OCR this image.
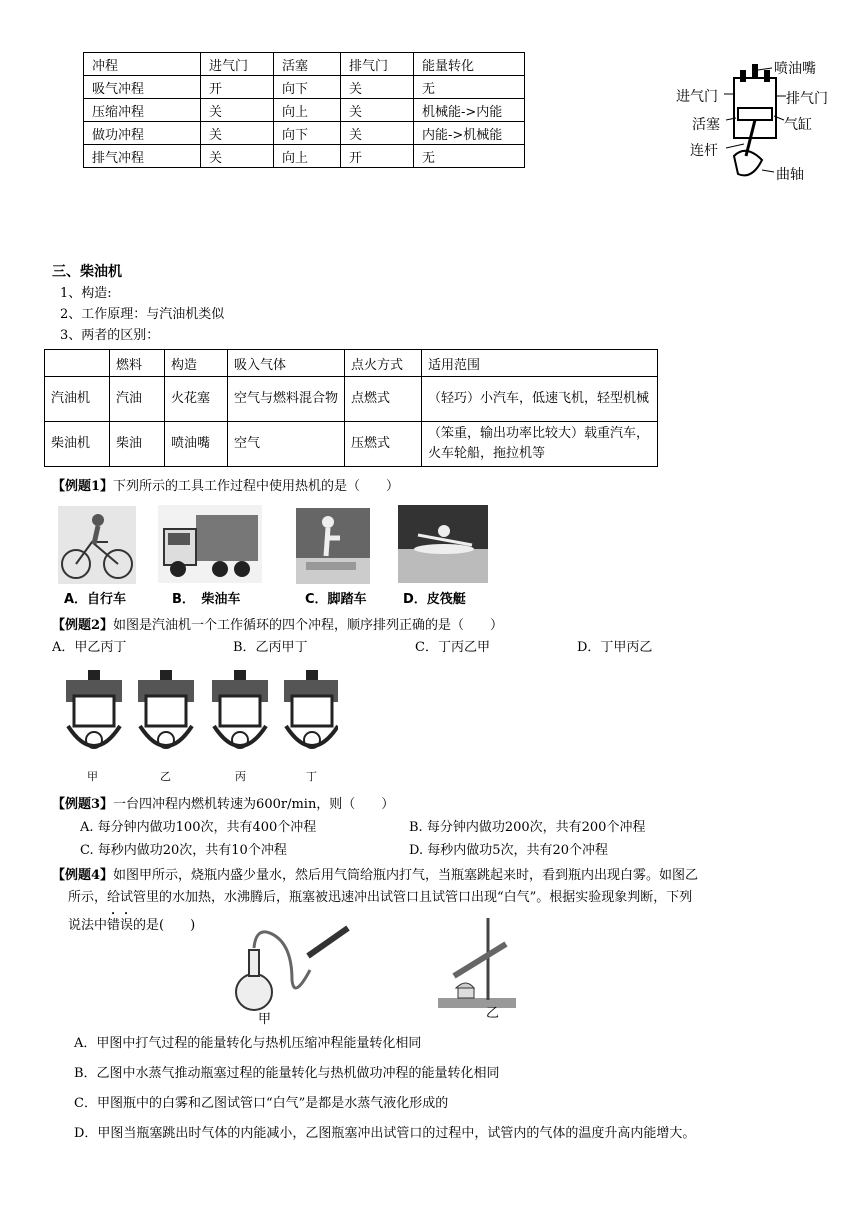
冲程	进气门	活塞	排气门	能量转化
吸气冲程	开	向下	关	无
压缩冲程	关	向上	关	机械能->内能
做功冲程	关	向下	关	内能->机械能
排气冲程	关	向上	开	无
喷油嘴
进气门	排气门
活塞	气缸
连杆
曲轴
三、柴油机
1、构造:
2、工作原理：与汽油机类似
3、两者的区别：
	燃料	构造	吸入气体	点火方式	适用范围
汽油机	汽油	火花塞	空气与燃料混合物	点燃式	（轻巧）小汽车，低速飞机，轻型机械
柴油机	柴油	喷油嘴	空气	压燃式	（笨重，输出功率比较大）载重汽车，火车轮船，拖拉机等
【例题1】下列所示的工具工作过程中使用热机的是（　　）
A．自行车	B．　柴油车	C．脚踏车	D．皮筏艇
【例题2】如图是汽油机一个工作循环的四个冲程，顺序排列正确的是（　　）
A．甲乙丙丁	B．乙丙甲丁	C．丁丙乙甲	D．丁甲丙乙
甲	乙	丙	丁
【例题3】一台四冲程内燃机转速为600r/min，则（　　）
A. 每分钟内做功100次，共有400个冲程	B. 每分钟内做功200次，共有200个冲程
C. 每秒内做功20次，共有10个冲程	D. 每秒内做功5次，共有20个冲程
【例题4】如图甲所示，烧瓶内盛少量水，然后用气筒给瓶内打气，当瓶塞跳起来时，看到瓶内出现白雾。如图乙
所示，给试管里的水加热，水沸腾后，瓶塞被迅速冲出试管口且试管口出现“白气”。根据实验现象判断，下列
说法中错误的是(　　)
甲	乙
A．甲图中打气过程的能量转化与热机压缩冲程能量转化相同
B．乙图中水蒸气推动瓶塞过程的能量转化与热机做功冲程的能量转化相同
C．甲图瓶中的白雾和乙图试管口“白气”是都是水蒸气液化形成的
D．甲图当瓶塞跳出时气体的内能减小，乙图瓶塞冲出试管口的过程中，试管内的气体的温度升高内能增大。
